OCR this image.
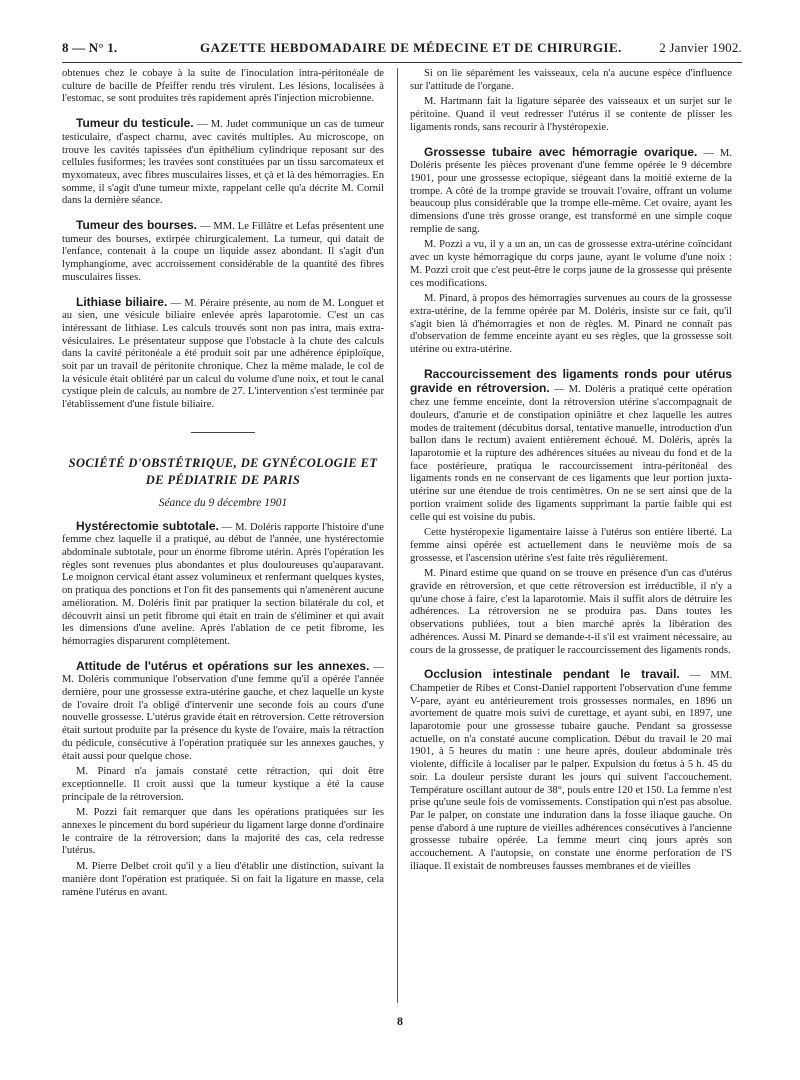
8 — N° 1.	GAZETTE HEBDOMADAIRE DE MÉDECINE ET DE CHIRURGIE.	2 Janvier 1902.

obtenues chez le cobaye à la suite de l'inoculation intra-péritonéale de culture de bacille de Pfeiffer rendu très virulent. Les lésions, localisées à l'estomac, se sont produites très rapidement après l'injection microbienne.

Tumeur du testicule. — M. Judet communique un cas de tumeur testiculaire, d'aspect charnu, avec cavités multiples. Au microscope, on trouve les cavités tapissées d'un épithélium cylindrique reposant sur des cellules fusiformes; les travées sont constituées par un tissu sarcomateux et myxomateux, avec fibres musculaires lisses, et çà et là des hémorragies. En somme, il s'agit d'une tumeur mixte, rappelant celle qu'a décrite M. Cornil dans la dernière séance.

Tumeur des bourses. — MM. Le Fillâtre et Lefas présentent une tumeur des bourses, extirpée chirurgicalement. La tumeur, qui datait de l'enfance, contenait à la coupe un liquide assez abondant. Il s'agit d'un lymphangiome, avec accroissement considérable de la quantité des fibres musculaires lisses.

Lithiase biliaire. — M. Péraire présente, au nom de M. Longuet et au sien, une vésicule biliaire enlevée après laparotomie. C'est un cas intéressant de lithiase. Les calculs trouvés sont non pas intra, mais extra-vésiculaires. Le présentateur suppose que l'obstacle à la chute des calculs dans la cavité péritonéale a été produit soit par une adhérence épiploïque, soit par un travail de péritonite chronique. Chez la même malade, le col de la vésicule était oblitéré par un calcul du volume d'une noix, et tout le canal cystique plein de calculs, au nombre de 27. L'intervention s'est terminée par l'établissement d'une fistule biliaire.

SOCIÉTÉ D'OBSTÉTRIQUE, DE GYNÉCOLOGIE ET DE PÉDIATRIE DE PARIS
Séance du 9 décembre 1901

Hystérectomie subtotale. — M. Doléris rapporte l'histoire d'une femme chez laquelle il a pratiqué, au début de l'année, une hystérectomie abdominale subtotale, pour un énorme fibrome utérin. Après l'opération les règles sont revenues plus abondantes et plus douloureuses qu'auparavant. Le moignon cervical étant assez volumineux et renfermant quelques kystes, on pratiqua des ponctions et l'on fit des pansements qui n'amenèrent aucune amélioration. M. Doléris finit par pratiquer la section bilatérale du col, et découvrit ainsi un petit fibrome qui était en train de s'éliminer et qui avait les dimensions d'une aveline. Après l'ablation de ce petit fibrome, les hémorragies disparurent complètement.

Attitude de l'utérus et opérations sur les annexes. — M. Doléris communique l'observation d'une femme qu'il a opérée l'année dernière, pour une grossesse extra-utérine gauche, et chez laquelle un kyste de l'ovaire droit l'a obligé d'intervenir une seconde fois au cours d'une nouvelle grossesse. L'utérus gravide était en rétroversion. Cette rétroversion était surtout produite par la présence du kyste de l'ovaire, mais la rétraction du pédicule, consécutive à l'opération pratiquée sur les annexes gauches, y était aussi pour quelque chose.

M. Pinard n'a jamais constaté cette rétraction, qui doit être exceptionnelle. Il croit aussi que la tumeur kystique a été la cause principale de la rétroversion.

M. Pozzi fait remarquer que dans les opérations pratiquées sur les annexes le pincement du bord supérieur du ligament large donne d'ordinaire le contraire de la rétroversion; dans la majorité des cas, cela redresse l'utérus.

M. Pierre Delbet croit qu'il y a lieu d'établir une distinction, suivant la manière dont l'opération est pratiquée. Si on fait la ligature en masse, cela ramène l'utérus en avant.

Si on lie séparément les vaisseaux, cela n'a aucune espèce d'influence sur l'attitude de l'organe.

M. Hartmann fait la ligature séparée des vaisseaux et un surjet sur le péritoine. Quand il veut redresser l'utérus il se contente de plisser les ligaments ronds, sans recourir à l'hystéropexie.

Grossesse tubaire avec hémorragie ovarique. — M. Doléris présente les pièces provenant d'une femme opérée le 9 décembre 1901, pour une grossesse ectopique, siégeant dans la moitié externe de la trompe. A côté de la trompe gravide se trouvait l'ovaire, offrant un volume beaucoup plus considérable que la trompe elle-même. Cet ovaire, ayant les dimensions d'une très grosse orange, est transformé en une simple coque remplie de sang.

M. Pozzi a vu, il y a un an, un cas de grossesse extra-utérine coïncidant avec un kyste hémorragique du corps jaune, ayant le volume d'une noix : M. Pozzi croit que c'est peut-être le corps jaune de la grossesse qui présente ces modifications.

M. Pinard, à propos des hémorragies survenues au cours de la grossesse extra-utérine, de la femme opérée par M. Doléris, insiste sur ce fait, qu'il s'agit bien là d'hémorragies et non de règles. M. Pinard ne connaît pas d'observation de femme enceinte ayant eu ses règles, que la grossesse soit utérine ou extra-utérine.

Raccourcissement des ligaments ronds pour utérus gravide en rétroversion. — M. Doléris a pratiqué cette opération chez une femme enceinte, dont la rétroversion utérine s'accompagnait de douleurs, d'anurie et de constipation opiniâtre et chez laquelle les autres modes de traitement (décubitus dorsal, tentative manuelle, introduction d'un ballon dans le rectum) avaient entièrement échoué. M. Doléris, après la laparotomie et la rupture des adhérences situées au niveau du fond et de la face postérieure, pratiqua le raccourcissement intra-péritonéal des ligaments ronds en ne conservant de ces ligaments que leur portion juxta-utérine sur une étendue de trois centimètres. On ne se sert ainsi que de la portion vraiment solide des ligaments supprimant la partie faible qui est celle qui est voisine du pubis.

Cette hystéropexie ligamentaire laisse à l'utérus son entière liberté. La femme ainsi opérée est actuellement dans le neuvième mois de sa grossesse, et l'ascension utérine s'est faite très régulièrement.

M. Pinard estime que quand on se trouve en présence d'un cas d'utérus gravide en rétroversion, et que cette rétroversion est irréductible, il n'y a qu'une chose à faire, c'est la laparotomie. Mais il suffit alors de détruire les adhérences. La rétroversion ne se produira pas. Dans toutes les observations publiées, tout a bien marché après la libération des adhérences. Aussi M. Pinard se demande-t-il s'il est vraiment nécessaire, au cours de la grossesse, de pratiquer le raccourcissement des ligaments ronds.

Occlusion intestinale pendant le travail. — MM. Champetier de Ribes et Const-Daniel rapportent l'observation d'une femme V-pare, ayant eu antérieurement trois grossesses normales, en 1896 un avortement de quatre mois suivi de curettage, et ayant subi, en 1897, une laparotomie pour une grossesse tubaire gauche. Pendant sa grossesse actuelle, on n'a constaté aucune complication. Début du travail le 20 mai 1901, à 5 heures du matin : une heure après, douleur abdominale très violente, difficile à localiser par le palper. Expulsion du fœtus à 5 h. 45 du soir. La douleur persiste durant les jours qui suivent l'accouchement. Température oscillant autour de 38°, pouls entre 120 et 150. La femme n'est prise qu'une seule fois de vomissements. Constipation qui n'est pas absolue. Par le palper, on constate une induration dans la fosse iliaque gauche. On pense d'abord à une rupture de vieilles adhérences consécutives à l'ancienne grossesse tubaire opérée. La femme meurt cinq jours après son accouchement. A l'autopsie, on constate une énorme perforation de l'S iliaque. Il existait de nombreuses fausses membranes et de vieilles

8
